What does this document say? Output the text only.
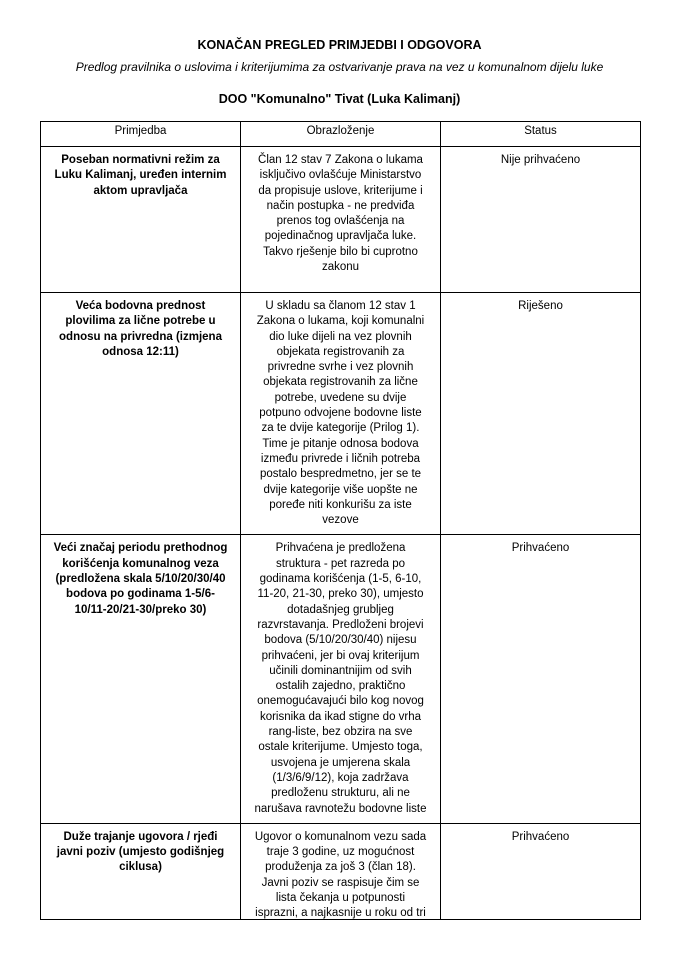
KONAČAN PREGLED PRIMJEDBI I ODGOVORA
Predlog pravilnika o uslovima i kriterijumima za ostvarivanje prava na vez u komunalnom dijelu luke
DOO "Komunalno" Tivat (Luka Kalimanj)
Primjedba	Obrazloženje	Status

Poseban normativni režim za Luku Kalimanj, uređen internim aktom upravljača	Član 12 stav 7 Zakona o lukama isključivo ovlašćuje Ministarstvo da propisuje uslove, kriterijume i način postupka - ne predviđa prenos tog ovlašćenja na pojedinačnog upravljača luke. Takvo rješenje bilo bi cuprotno zakonu	Nije prihvaćeno

Veća bodovna prednost plovilima za lične potrebe u odnosu na privredna (izmjena odnosa 12:11)	U skladu sa članom 12 stav 1 Zakona o lukama, koji komunalni dio luke dijeli na vez plovnih objekata registrovanih za privredne svrhe i vez plovnih objekata registrovanih za lične potrebe, uvedene su dvije potpuno odvojene bodovne liste za te dvije kategorije (Prilog 1). Time je pitanje odnosa bodova između privrede i ličnih potreba postalo bespredmetno, jer se te dvije kategorije više uopšte ne poređe niti konkurišu za iste vezove	Riješeno

Veći značaj periodu prethodnog korišćenja komunalnog veza (predložena skala 5/10/20/30/40 bodova po godinama 1-5/6-10/11-20/21-30/preko 30)	Prihvaćena je predložena struktura - pet razreda po godinama korišćenja (1-5, 6-10, 11-20, 21-30, preko 30), umjesto dotadašnjeg grubljeg razvrstavanja. Predloženi brojevi bodova (5/10/20/30/40) nijesu prihvaćeni, jer bi ovaj kriterijum učinili dominantnijim od svih ostalih zajedno, praktično onemogućavajući bilo kog novog korisnika da ikad stigne do vrha rang-liste, bez obzira na sve ostale kriterijume. Umjesto toga, usvojena je umjerena skala (1/3/6/9/12), koja zadržava predloženu strukturu, ali ne narušava ravnotežu bodovne liste	Prihvaćeno

Duže trajanje ugovora / rjeđi javni poziv (umjesto godišnjeg ciklusa)	Ugovor o komunalnom vezu sada traje 3 godine, uz mogućnost produženja za još 3 (član 18). Javni poziv se raspisuje čim se lista čekanja u potpunosti isprazni, a najkasnije u roku od tri	Prihvaćeno
